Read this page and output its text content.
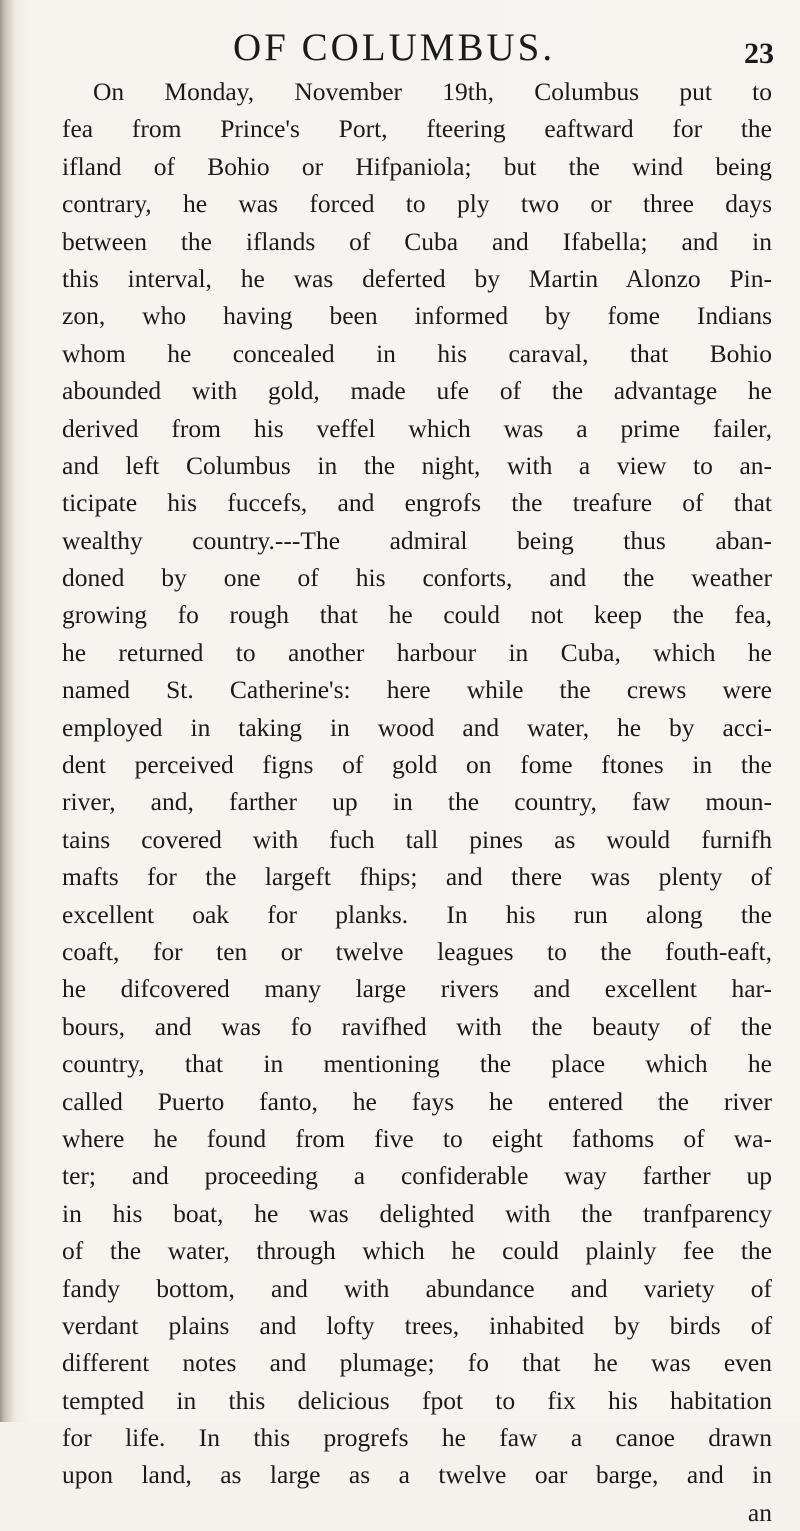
OF COLUMBUS.	23
On Monday, November 19th, Columbus put to
fea from Prince's Port, fteering eaftward for the
ifland of Bohio or Hifpaniola; but the wind being
contrary, he was forced to ply two or three days
between the iflands of Cuba and Ifabella; and in
this interval, he was deferted by Martin Alonzo Pin-
zon, who having been informed by fome Indians
whom he concealed in his caraval, that Bohio
abounded with gold, made ufe of the advantage he
derived from his veffel which was a prime failer,
and left Columbus in the night, with a view to an-
ticipate his fuccefs, and engrofs the treafure of that
wealthy country.---The admiral being thus aban-
doned by one of his conforts, and the weather
growing fo rough that he could not keep the fea,
he returned to another harbour in Cuba, which he
named St. Catherine's: here while the crews were
employed in taking in wood and water, he by acci-
dent perceived figns of gold on fome ftones in the
river, and, farther up in the country, faw moun-
tains covered with fuch tall pines as would furnifh
mafts for the largeft fhips; and there was plenty of
excellent oak for planks. In his run along the
coaft, for ten or twelve leagues to the fouth-eaft,
he difcovered many large rivers and excellent har-
bours, and was fo ravifhed with the beauty of the
country, that in mentioning the place which he
called Puerto fanto, he fays he entered the river
where he found from five to eight fathoms of wa-
ter; and proceeding a confiderable way farther up
in his boat, he was delighted with the tranfparency
of the water, through which he could plainly fee the
fandy bottom, and with abundance and variety of
verdant plains and lofty trees, inhabited by birds of
different notes and plumage; fo that he was even
tempted in this delicious fpot to fix his habitation
for life. In this progrefs he faw a canoe drawn
upon land, as large as a twelve oar barge, and in
an
